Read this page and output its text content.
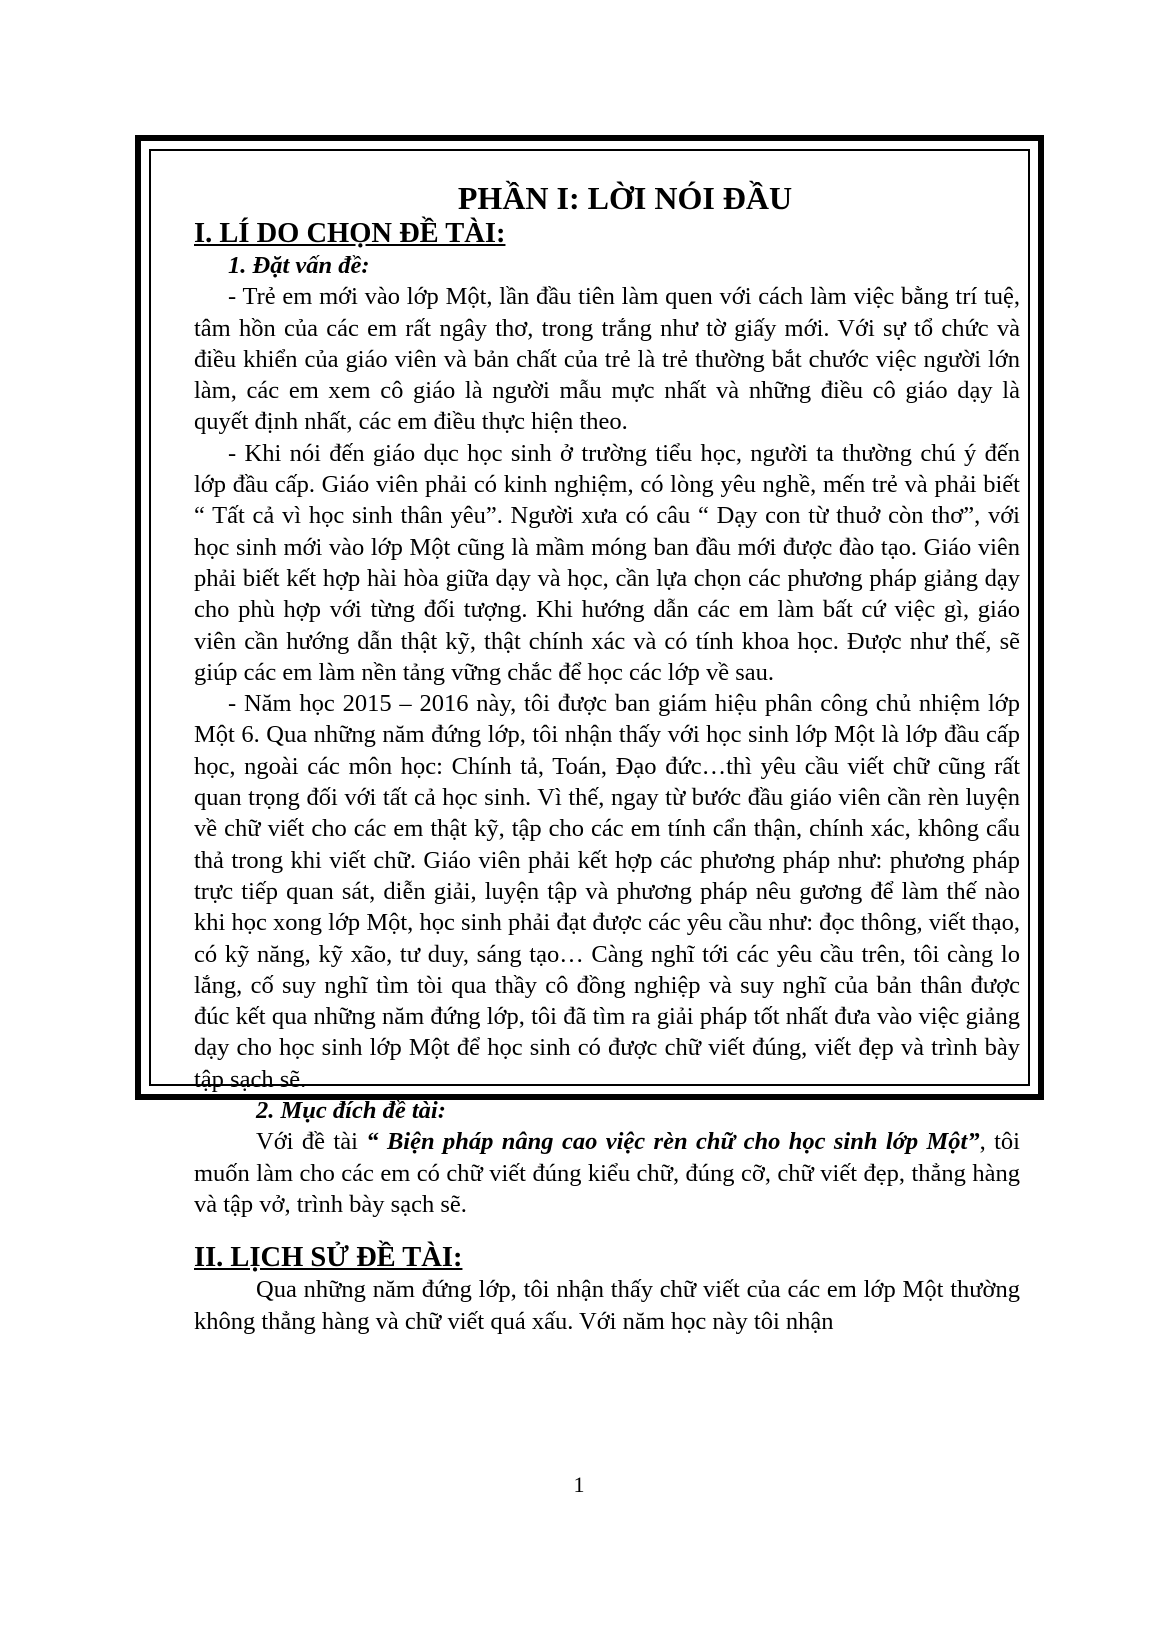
PHẦN I: LỜI NÓI ĐẦU
I. LÍ DO CHỌN ĐỀ TÀI:
1. Đặt vấn đề:

- Trẻ em mới vào lớp Một, lần đầu tiên làm quen với cách làm việc bằng trí tuệ, tâm hồn của các em rất ngây thơ, trong trắng như tờ giấy mới. Với sự tổ chức và điều khiển của giáo viên và bản chất của trẻ là trẻ thường bắt chước việc người lớn làm, các em xem cô giáo là người mẫu mực nhất và những điều cô giáo dạy là quyết định nhất, các em điều thực hiện theo.

- Khi nói đến giáo dục học sinh ở trường tiểu học, người ta thường chú ý đến lớp đầu cấp. Giáo viên phải có kinh nghiệm, có lòng yêu nghề, mến trẻ và phải biết “ Tất cả vì học sinh thân yêu”. Người xưa có câu “ Dạy con từ thuở còn thơ”, với học sinh mới vào lớp Một cũng là mầm móng ban đầu mới được đào tạo. Giáo viên phải biết kết hợp hài hòa giữa dạy và học, cần lựa chọn các phương pháp giảng dạy cho phù hợp với từng đối tượng. Khi hướng dẫn các em làm bất cứ việc gì, giáo viên cần hướng dẫn thật kỹ, thật chính xác và có tính khoa học. Được như thế, sẽ giúp các em làm nền tảng vững chắc để học các lớp về sau.

- Năm học 2015 – 2016 này, tôi được ban giám hiệu phân công chủ nhiệm lớp Một 6. Qua những năm đứng lớp, tôi nhận thấy với học sinh lớp Một là lớp đầu cấp học, ngoài các môn học: Chính tả, Toán, Đạo đức…thì yêu cầu viết chữ cũng rất quan trọng đối với tất cả học sinh. Vì thế, ngay từ bước đầu giáo viên cần rèn luyện về chữ viết cho các em thật kỹ, tập cho các em tính cẩn thận, chính xác, không cẩu thả trong khi viết chữ. Giáo viên phải kết hợp các phương pháp như: phương pháp trực tiếp quan sát, diễn giải, luyện tập và phương pháp nêu gương để làm thế nào khi học xong lớp Một, học sinh phải đạt được các yêu cầu như: đọc thông, viết thạo, có kỹ năng, kỹ xão, tư duy, sáng tạo… Càng nghĩ tới các yêu cầu trên, tôi càng lo lắng, cố suy nghĩ tìm tòi qua thầy cô đồng nghiệp và suy nghĩ của bản thân được đúc kết qua những năm đứng lớp, tôi đã tìm ra giải pháp tốt nhất đưa vào việc giảng dạy cho học sinh lớp Một để học sinh có được chữ viết đúng, viết đẹp và trình bày tập sạch sẽ.

2. Mục đích đề tài:

Với đề tài “ Biện pháp nâng cao việc rèn chữ cho học sinh lớp Một”, tôi muốn làm cho các em có chữ viết đúng kiểu chữ, đúng cỡ, chữ viết đẹp, thẳng hàng và tập vở, trình bày sạch sẽ.

II. LỊCH SỬ ĐỀ TÀI:

Qua những năm đứng lớp, tôi nhận thấy chữ viết của các em lớp Một thường không thẳng hàng và chữ viết quá xấu. Với năm học này tôi nhận

1
